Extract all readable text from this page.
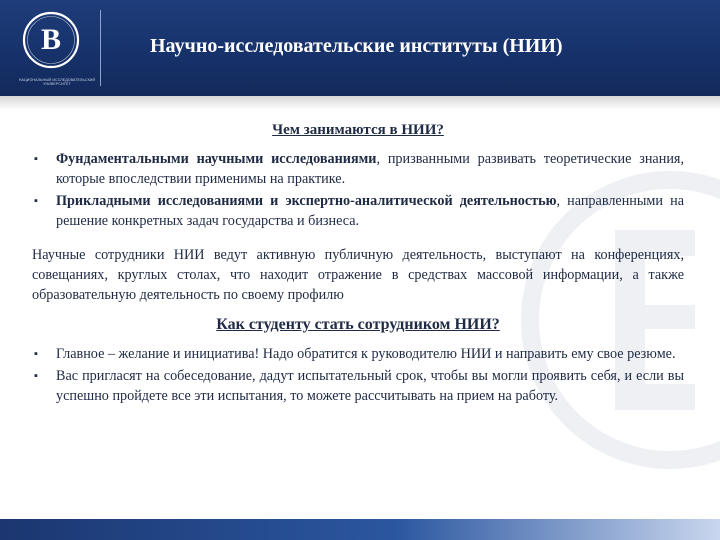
В
НАЦИОНАЛЬНЫЙ ИССЛЕДОВАТЕЛЬСКИЙ УНИВЕРСИТЕТ
Научно-исследовательские институты (НИИ)

Чем занимаются в НИИ?

▪ Фундаментальными научными исследованиями, призванными развивать теоретические знания, которые впоследствии применимы на практике.
▪ Прикладными исследованиями и экспертно-аналитической деятельностью, направленными на решение конкретных задач государства и бизнеса.

Научные сотрудники НИИ ведут активную публичную деятельность, выступают на конференциях, совещаниях, круглых столах, что находит отражение в средствах массовой информации, а также образовательную деятельность по своему профилю

Как студенту стать сотрудником НИИ?

▪ Главное – желание и инициатива! Надо обратится к руководителю НИИ и направить ему свое резюме.
▪ Вас пригласят на собеседование, дадут испытательный срок, чтобы вы могли проявить себя, и если вы успешно пройдете все эти испытания, то можете рассчитывать на прием на работу.
